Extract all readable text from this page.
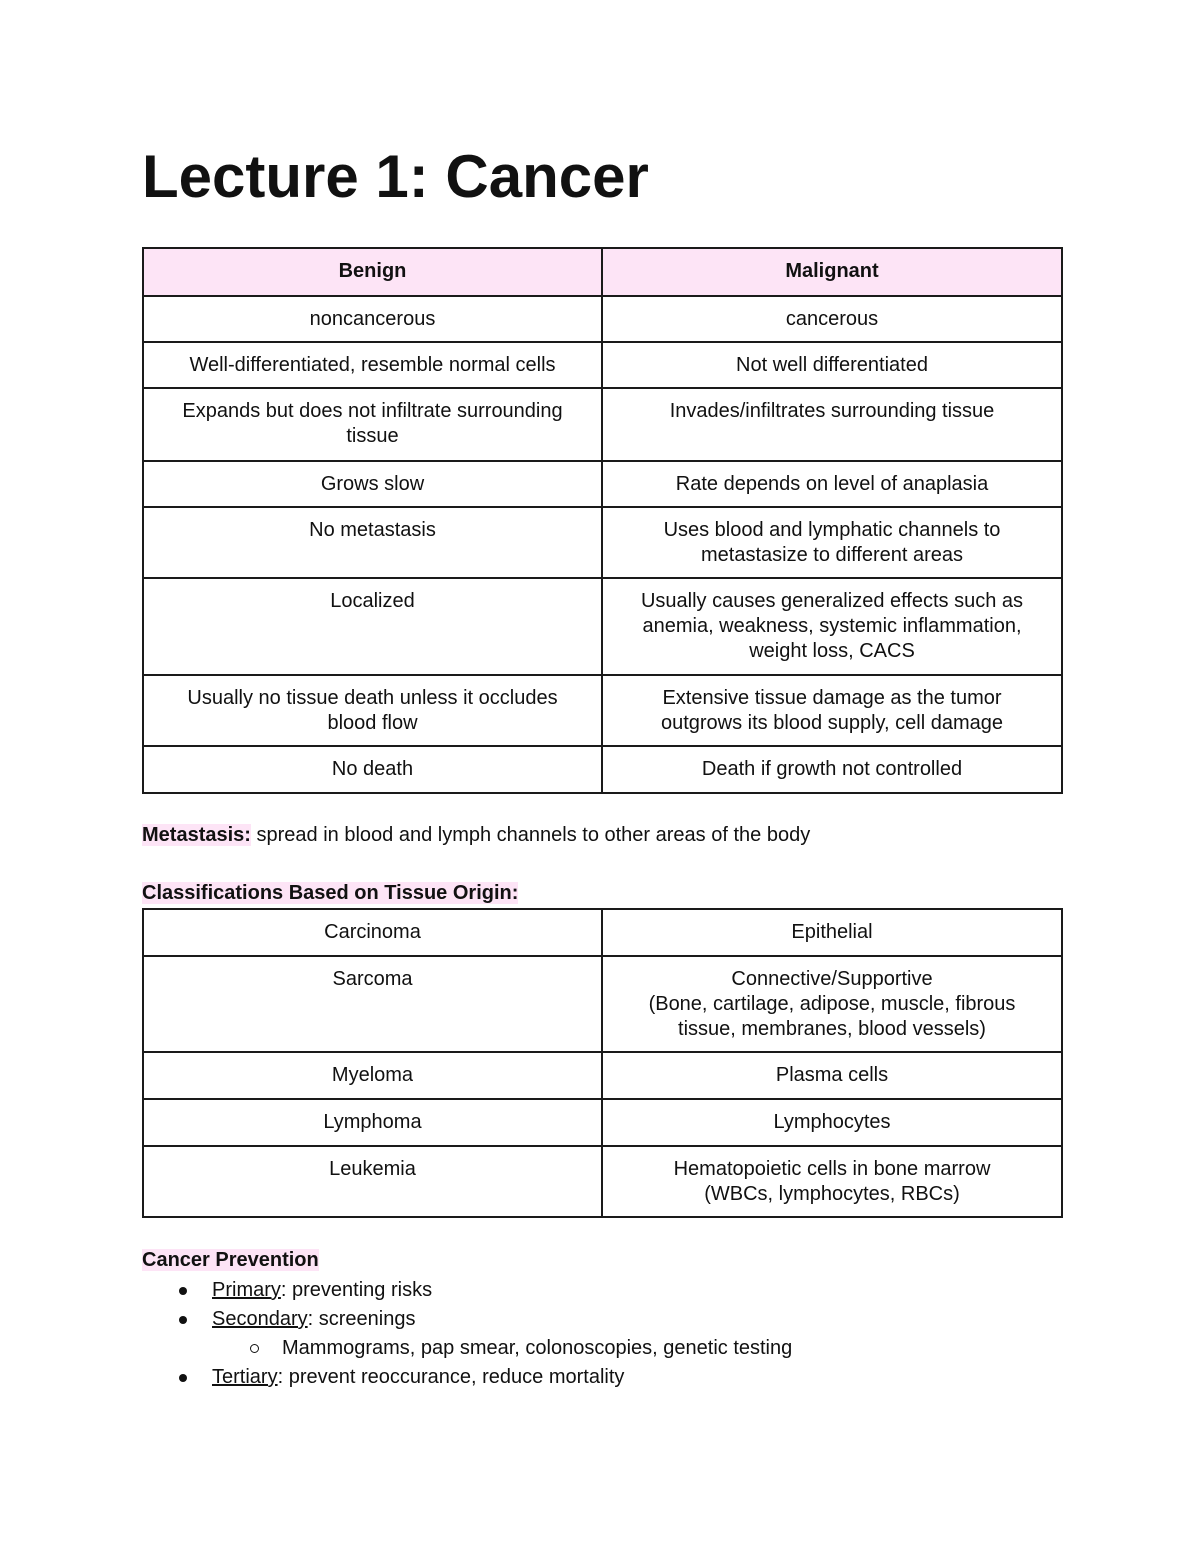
Lecture 1: Cancer
Benign	Malignant
noncancerous	cancerous
Well-differentiated, resemble normal cells	Not well differentiated
Expands but does not infiltrate surrounding tissue	Invades/infiltrates surrounding tissue
Grows slow	Rate depends on level of anaplasia
No metastasis	Uses blood and lymphatic channels to metastasize to different areas
Localized	Usually causes generalized effects such as anemia, weakness, systemic inflammation, weight loss, CACS
Usually no tissue death unless it occludes blood flow	Extensive tissue damage as the tumor outgrows its blood supply, cell damage
No death	Death if growth not controlled
Metastasis: spread in blood and lymph channels to other areas of the body
Classifications Based on Tissue Origin:
Carcinoma	Epithelial
Sarcoma	Connective/Supportive
(Bone, cartilage, adipose, muscle, fibrous tissue, membranes, blood vessels)

Myeloma	Plasma cells
Lymphoma	Lymphocytes
Leukemia	Hematopoietic cells in bone marrow
(WBCs, lymphocytes, RBCs)
Cancer Prevention
Primary: preventing risks
Secondary: screenings
Mammograms, pap smear, colonoscopies, genetic testing
Tertiary: prevent reoccurance, reduce mortality
